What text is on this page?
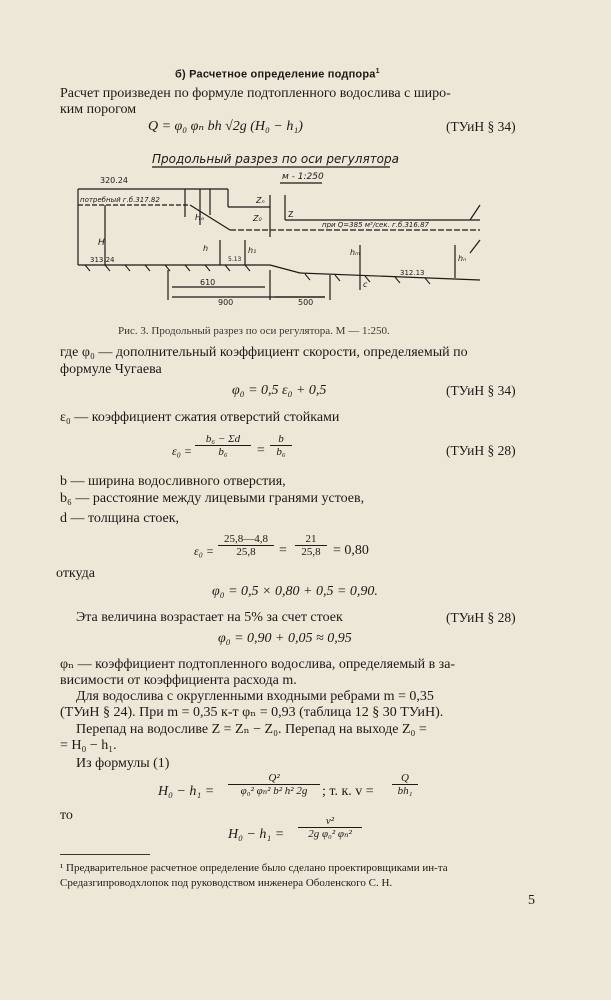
б) Расчетное определение подпора$^1$
Расчет произведен по формуле подтопленного водослива с широ-
ким порогом
Q = φ₀ φₙ bh √2g (H₀ − h₁)	(ТУиН § 34)
Продольный разрез по оси регулятора
м - 1:250
320.24
потребный г.б.317.82	Zₙ
Hₒ	Z₀	Z
при Q=385 м³/сек. г.б.316.87
H
h	h₁	hₘ
hₙ
313.24
312.13
c
610
900	500
5.13
Рис. 3. Продольный разрез по оси регулятора. М — 1:250.
где φ₀ — дополнительный коэффициент скорости, определяемый по
формуле Чугаева
φ₀ = 0,5 ε₀ + 0,5	(ТУиН § 34)
ε₀ — коэффициент сжатия отверстий стойками
$\varepsilon_0 = \frac{\text{b₆ − Σd}}{\text{b₆}} = \frac{b}{\text{b₆}}$	(ТУиН § 28)
b — ширина водосливного отверстия,
b₆ — расстояние между лицевыми гранями устоев,
d — толщина стоек,
$\varepsilon_0 = \frac{25,8—4,8}{25,8} = \frac{21}{25,8} = 0,80$
откуда
φ₀ = 0,5 × 0,80 + 0,5 = 0,90.
Эта величина возрастает на 5% за счет стоек	(ТУиН § 28)
φ₀ = 0,90 + 0,05 ≈ 0,95
φₙ — коэффициент подтопленного водослива, определяемый в за-
висимости от коэффициента расхода m.
Для водослива с округленными входными ребрами m = 0,35
(ТУиН § 24). При m = 0,35 к-т φₙ = 0,93 (таблица 12 § 30 ТУиН).
Перепад на водосливе Z = Zₙ − Z₀. Перепад на выходе Z₀ =
= H₀ − h₁.
Из формулы (1)
$H_0 - h_1 = \frac{\text{Q²}}{\text{φ₀² φₙ² b² h² 2g}}$ ; т. к. $v = \frac{Q}{\text{bh₁}}$
то
$H_0 - h_1 = \frac{\text{v²}}{\text{2g φ₀² φₙ²}}$
¹ Предварительное расчетное определение было сделано проектировщиками ин-та
Средазгипроводхлопок под руководством инженера Оболенского С. Н.
5
